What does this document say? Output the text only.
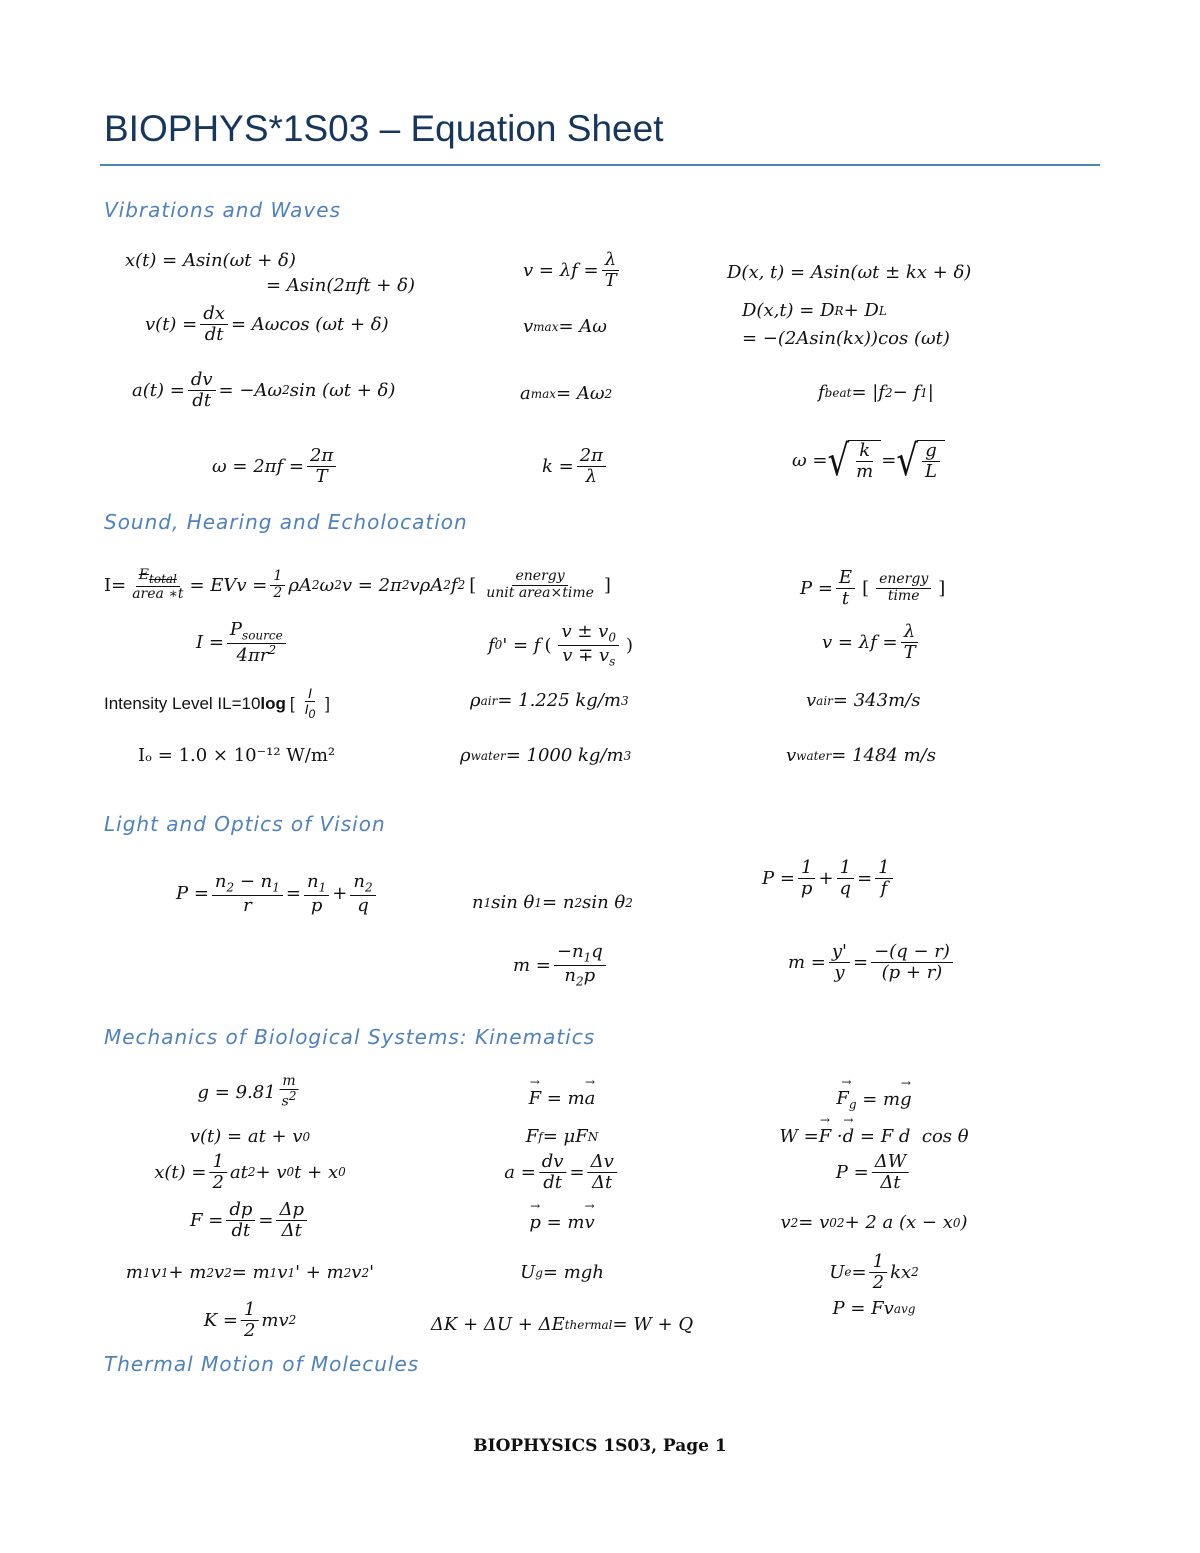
BIOPHYS*1S03 – Equation Sheet
Vibrations and Waves
x(t) = Asin(ωt + δ)
= Asin(2πft + δ)
$v(t) = \frac{dx}{dt} = A\omega\cos$ (ωt + δ)
$a(t) = \frac{dv}{dt} = -A\omega$ 2 sin (ωt + δ)
$\omega = 2\pi f = \frac{2\pi}{T}$
$v = \lambda f = \frac{\lambda}{T}$
v max = Aω
a max = Aω 2
$k = \frac{2\pi}{\lambda}$
D(x, t) = Asin(ωt ± kx + δ)
D(x,t) = D R + D L
= −(2Asin(kx))cos (ωt)
f beat = |f 2 − f 1 |
ω = √ $\frac{k}{m}$ = √ $\frac{g}{L}$
Sound, Hearing and Echolocation
$I= \frac{E_{total}}{\text{area ∗t}}$ = EVv = $\frac{1}{2}$ ρA 2 ω 2 v = 2π 2 vρA 2 f 2 [ $\frac{\text{energy}}{\text{unit area×time}}$ ]	$P = \frac{E}{t}$ [ $\frac{\text{energy}}{\text{time}}$ ]
$I = \frac{P_{source}}{4\pi r^2}$	f 0 ' = f ( $\frac{v \pm v_0}{v \mp v_s}$ )	$v = \lambda f = \frac{\lambda}{T}$
Intensity Level IL=10 log [ $\frac{I}{I_0}$ ]	ρ air = 1.225 kg/m 3	v air = 343m/s
Iₒ = 1.0 × 10⁻¹² W/m²	ρ water = 1000 kg/m 3	v water = 1484 m/s
Light and Optics of Vision
$P = \frac{n_2 - n_1}{r} = \frac{n_1}{p} + \frac{n_2}{q}$	n 1 sin θ 1 = n 2 sin θ 2
$P = \frac{1}{p} + \frac{1}{q} = \frac{1}{f}$
$m = \frac{-n_1q}{n_2p}$	$m = \frac{y'}{y} = \frac{-(q - r)}{(p + r)}$
Mechanics of Biological Systems: Kinematics
$g = 9.81 \frac{m}{s^2}$
v(t) = at + v 0
$x(t) = \frac{1}{2}$ at 2 + v 0 t + x 0
$F = \frac{dp}{dt} = \frac{\Delta p}{\Delta t}$
m 1 v 1 + m 2 v 2 = m 1 v 1 ' + m 2 v 2 '
$K = \frac{1}{2}$ mv 2
→ F = m
→ a
F f = μF N
$a = \frac{dv}{dt} = \frac{\Delta v}{\Delta t}$
→ p = m
→ v
U g = mgh
ΔK + ΔU + ΔE thermal = W + Q
→ $F_g = m$
→ g
W =
→ F ·
→ d = F d  cos θ
$P = \frac{\Delta W}{\Delta t}$
v 2 = v 0 2 + 2 a (x − x 0 )
U $e = \frac{1}{2}$ kx 2
P = Fv avg
Thermal Motion of Molecules
BIOPHYSICS 1S03, Page 1
